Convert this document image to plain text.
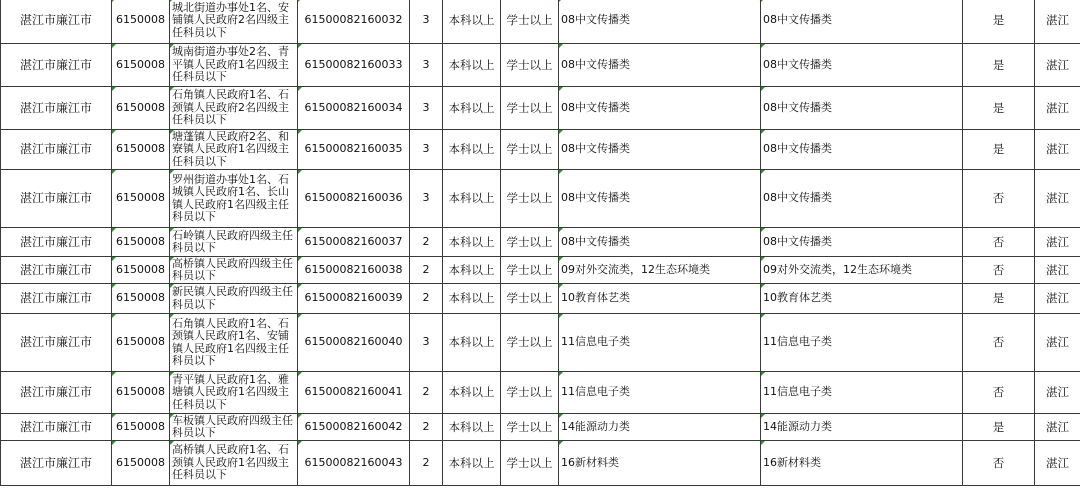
湛江市廉江市	6150008	城北街道办事处1名、安铺镇人民政府2名四级主任科员以下	61500082160032	3	本科以上	学士以上	08中文传播类	08中文传播类	是	湛江
湛江市廉江市	6150008	城南街道办事处2名、青平镇人民政府1名四级主任科员以下	61500082160033	3	本科以上	学士以上	08中文传播类	08中文传播类	是	湛江
湛江市廉江市	6150008	石角镇人民政府1名、石颈镇人民政府2名四级主任科员以下	61500082160034	3	本科以上	学士以上	08中文传播类	08中文传播类	是	湛江
湛江市廉江市	6150008	塘蓬镇人民政府2名、和寮镇人民政府1名四级主任科员以下	61500082160035	3	本科以上	学士以上	08中文传播类	08中文传播类	是	湛江
湛江市廉江市	6150008	罗州街道办事处1名、石城镇人民政府1名、长山镇人民政府1名四级主任科员以下	61500082160036	3	本科以上	学士以上	08中文传播类	08中文传播类	否	湛江
湛江市廉江市	6150008	石岭镇人民政府四级主任科员以下	61500082160037	2	本科以上	学士以上	08中文传播类	08中文传播类	否	湛江
湛江市廉江市	6150008	高桥镇人民政府四级主任科员以下	61500082160038	2	本科以上	学士以上	09对外交流类，12生态环境类	09对外交流类，12生态环境类	否	湛江
湛江市廉江市	6150008	新民镇人民政府四级主任科员以下	61500082160039	2	本科以上	学士以上	10教育体艺类	10教育体艺类	是	湛江
湛江市廉江市	6150008	石角镇人民政府1名、石颈镇人民政府1名、安铺镇人民政府1名四级主任科员以下	61500082160040	3	本科以上	学士以上	11信息电子类	11信息电子类	否	湛江
湛江市廉江市	6150008	青平镇人民政府1名、雅塘镇人民政府1名四级主任科员以下	61500082160041	2	本科以上	学士以上	11信息电子类	11信息电子类	否	湛江
湛江市廉江市	6150008	车板镇人民政府四级主任科员以下	61500082160042	2	本科以上	学士以上	14能源动力类	14能源动力类	是	湛江
湛江市廉江市	6150008	高桥镇人民政府1名、石颈镇人民政府1名四级主任科员以下	61500082160043	2	本科以上	学士以上	16新材料类	16新材料类	否	湛江
